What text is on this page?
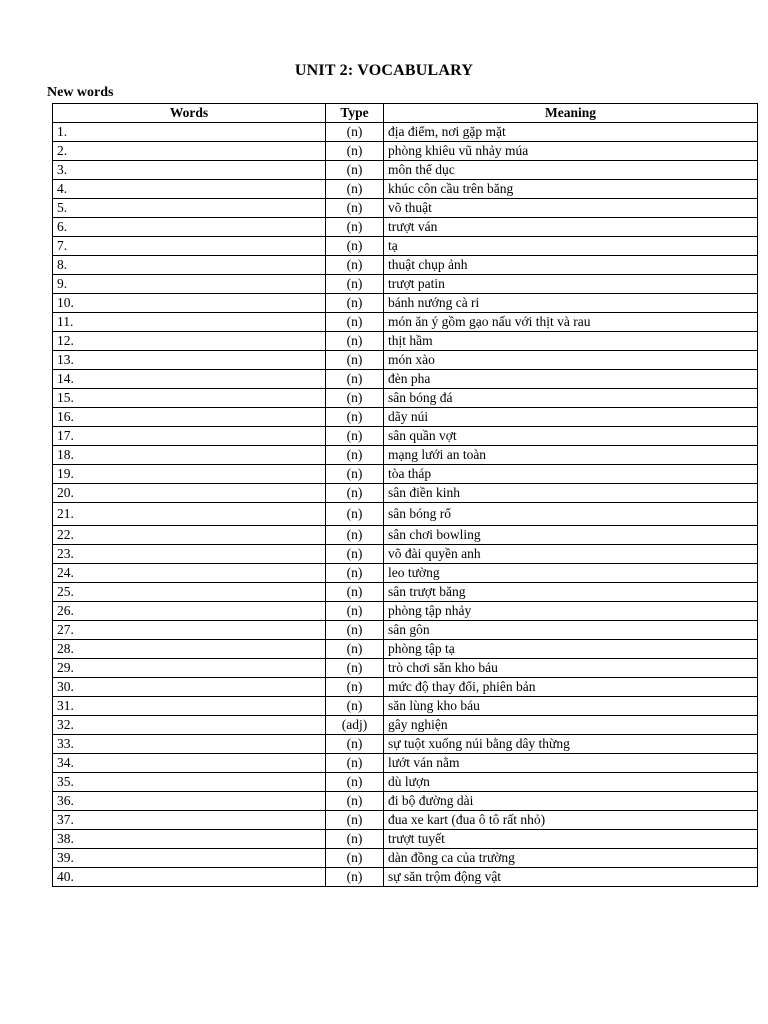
UNIT 2: VOCABULARY
New words
Words	Type	Meaning
1.	(n)	địa điểm, nơi gặp mặt
2.	(n)	phòng khiêu vũ nhảy múa
3.	(n)	môn thể dục
4.	(n)	khúc côn cầu trên băng
5.	(n)	võ thuật
6.	(n)	trượt ván
7.	(n)	tạ
8.	(n)	thuật chụp ảnh
9.	(n)	trượt patin
10.	(n)	bánh nướng cà ri
11.	(n)	món ăn ý gồm gạo nấu với thịt và rau
12.	(n)	thịt hầm
13.	(n)	món xào
14.	(n)	đèn pha
15.	(n)	sân bóng đá
16.	(n)	dãy núi
17.	(n)	sân quần vợt
18.	(n)	mạng lưới an toàn
19.	(n)	tòa tháp
20.	(n)	sân điền kinh
21.	(n)	sân bóng rổ
22.	(n)	sân chơi bowling
23.	(n)	võ đài quyền anh
24.	(n)	leo tường
25.	(n)	sân trượt băng
26.	(n)	phòng tập nhảy
27.	(n)	sân gôn
28.	(n)	phòng tập tạ
29.	(n)	trò chơi săn kho báu
30.	(n)	mức độ thay đổi, phiên bản
31.	(n)	săn lùng kho báu
32.	(adj)	gây nghiện
33.	(n)	sự tuột xuống núi bằng dây thừng
34.	(n)	lướt ván nằm
35.	(n)	dù lượn
36.	(n)	đi bộ đường dài
37.	(n)	đua xe kart (đua ô tô rất nhỏ)
38.	(n)	trượt tuyết
39.	(n)	dàn đồng ca của trường
40.	(n)	sự săn trộm động vật
